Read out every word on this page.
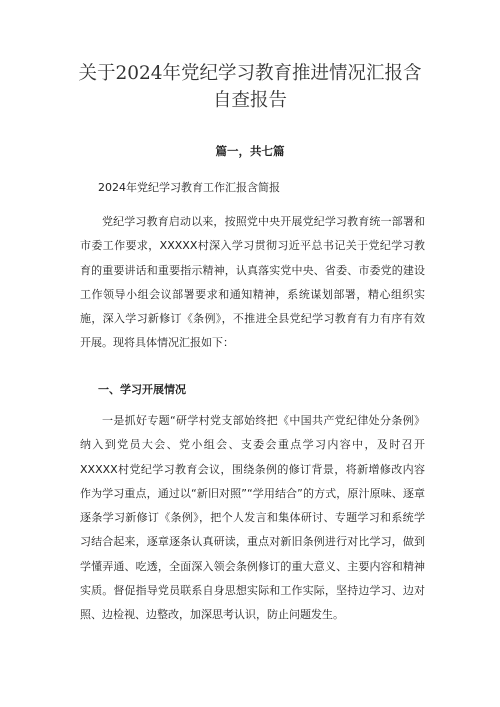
关于2024年党纪学习教育推进情况汇报含
自查报告
篇一，共七篇

2024年党纪学习教育工作汇报含简报

党纪学习教育启动以来，按照党中央开展党纪学习教育统一部署和市委工作要求，XXXXX村深入学习贯彻习近平总书记关于党纪学习教育的重要讲话和重要指示精神，认真落实党中央、省委、市委党的建设工作领导小组会议部署要求和通知精神，系统谋划部署，精心组织实施，深入学习新修订《条例》，不推进全县党纪学习教育有力有序有效开展。现将具体情况汇报如下：

一、学习开展情况

一是抓好专题“研学村党支部始终把《中国共产党纪律处分条例》纳入到党员大会、党小组会、支委会重点学习内容中，及时召开XXXXX村党纪学习教育会议，围绕条例的修订背景，将新增修改内容作为学习重点，通过以“新旧对照”“学用结合”的方式，原汁原味、逐章逐条学习新修订《条例》，把个人发言和集体研讨、专题学习和系统学习结合起来，逐章逐条认真研读，重点对新旧条例进行对比学习，做到学懂弄通、吃透，全面深入领会条例修订的重大意义、主要内容和精神实质。督促指导党员联系自身思想实际和工作实际，坚持边学习、边对照、边检视、边整改，加深思考认识，防止问题发生。
